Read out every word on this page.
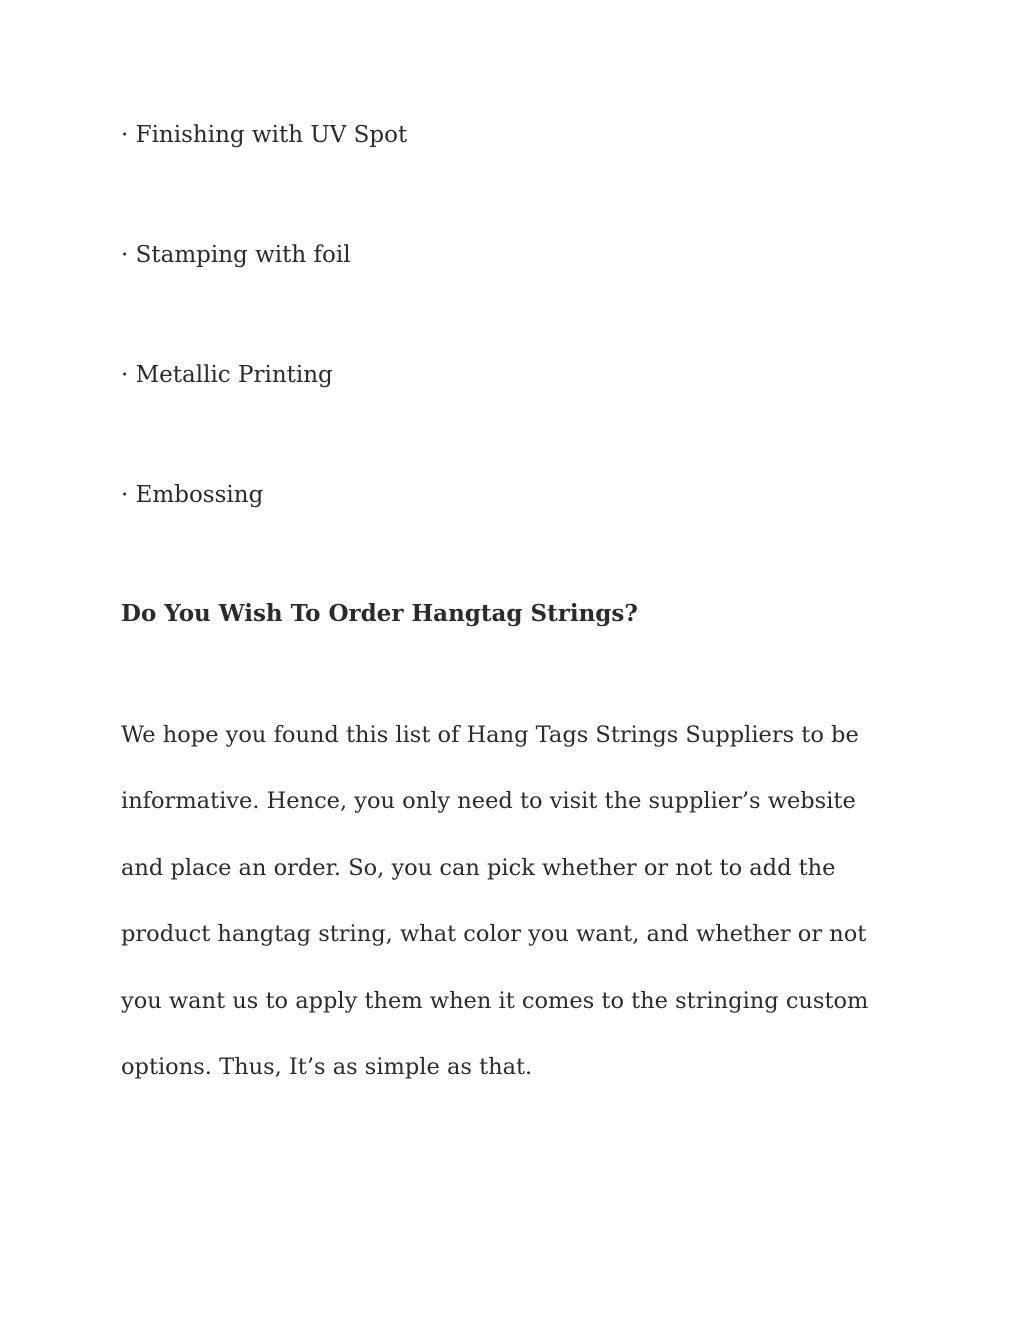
· Finishing with UV Spot

· Stamping with foil

· Metallic Printing

· Embossing

Do You Wish To Order Hangtag Strings?

We hope you found this list of Hang Tags Strings Suppliers to be
informative. Hence, you only need to visit the supplier’s website
and place an order. So, you can pick whether or not to add the
product hangtag string, what color you want, and whether or not
you want us to apply them when it comes to the stringing custom
options. Thus, It’s as simple as that.
